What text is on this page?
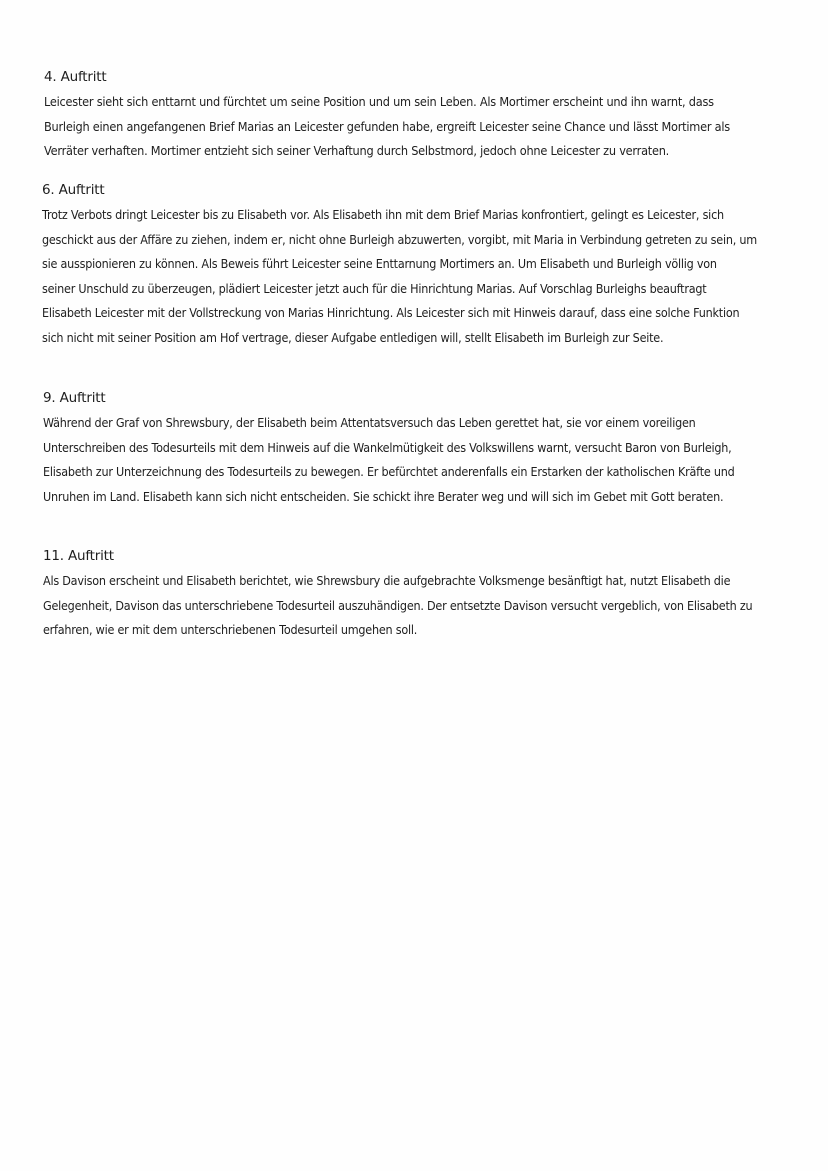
4. Auftritt
Leicester sieht sich enttarnt und fürchtet um seine Position und um sein Leben. Als Mortimer erscheint und ihn warnt, dass
Burleigh einen angefangenen Brief Marias an Leicester gefunden habe, ergreift Leicester seine Chance und lässt Mortimer als
Verräter verhaften. Mortimer entzieht sich seiner Verhaftung durch Selbstmord, jedoch ohne Leicester zu verraten.
6. Auftritt
Trotz Verbots dringt Leicester bis zu Elisabeth vor. Als Elisabeth ihn mit dem Brief Marias konfrontiert, gelingt es Leicester, sich
geschickt aus der Affäre zu ziehen, indem er, nicht ohne Burleigh abzuwerten, vorgibt, mit Maria in Verbindung getreten zu sein, um
sie ausspionieren zu können. Als Beweis führt Leicester seine Enttarnung Mortimers an. Um Elisabeth und Burleigh völlig von
seiner Unschuld zu überzeugen, plädiert Leicester jetzt auch für die Hinrichtung Marias. Auf Vorschlag Burleighs beauftragt
Elisabeth Leicester mit der Vollstreckung von Marias Hinrichtung. Als Leicester sich mit Hinweis darauf, dass eine solche Funktion
sich nicht mit seiner Position am Hof vertrage, dieser Aufgabe entledigen will, stellt Elisabeth im Burleigh zur Seite.
9. Auftritt
Während der Graf von Shrewsbury, der Elisabeth beim Attentatsversuch das Leben gerettet hat, sie vor einem voreiligen
Unterschreiben des Todesurteils mit dem Hinweis auf die Wankelmütigkeit des Volkswillens warnt, versucht Baron von Burleigh,
Elisabeth zur Unterzeichnung des Todesurteils zu bewegen. Er befürchtet anderenfalls ein Erstarken der katholischen Kräfte und
Unruhen im Land. Elisabeth kann sich nicht entscheiden. Sie schickt ihre Berater weg und will sich im Gebet mit Gott beraten.
11. Auftritt
Als Davison erscheint und Elisabeth berichtet, wie Shrewsbury die aufgebrachte Volksmenge besänftigt hat, nutzt Elisabeth die
Gelegenheit, Davison das unterschriebene Todesurteil auszuhändigen. Der entsetzte Davison versucht vergeblich, von Elisabeth zu
erfahren, wie er mit dem unterschriebenen Todesurteil umgehen soll.
